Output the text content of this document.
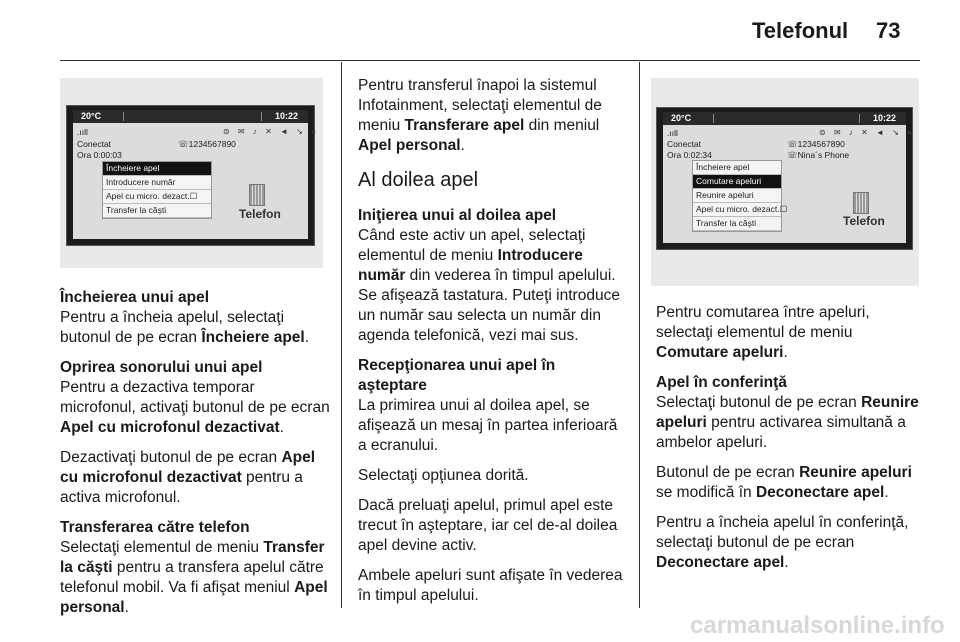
Telefonul 73
20°C	10:22
.ııll	⊜ ✉ ♪ ✕ ◄ ↘ ●
Conectat	☏1234567890
Ora 0:00:03
Încheiere apel
Introducere număr
Apel cu micro. dezact.☐
Transfer la căşti	Telefon
Încheierea unui apel

Pentru a încheia apelul, selectaţi butonul de pe ecran Încheiere apel.

Oprirea sonorului unui apel

Pentru a dezactiva temporar microfonul, activaţi butonul de pe ecran Apel cu microfonul dezactivat.

Dezactivaţi butonul de pe ecran Apel cu microfonul dezactivat pentru a activa microfonul.

Transferarea către telefon

Selectaţi elementul de meniu Transfer la căşti pentru a transfera apelul către telefonul mobil. Va fi afişat meniul Apel personal.

Pentru transferul înapoi la sistemul Infotainment, selectaţi elementul de meniu Transferare apel din meniul Apel personal.

Al doilea apel
Iniţierea unui al doilea apel

Când este activ un apel, selectaţi elementul de meniu Introducere număr din vederea în timpul apelului. Se afişează tastatura. Puteţi introduce un număr sau selecta un număr din agenda telefonică, vezi mai sus.

Recepţionarea unui apel în aşteptare

La primirea unui al doilea apel, se afişează un mesaj în partea inferioară a ecranului.

Selectaţi opţiunea dorită.

Dacă preluaţi apelul, primul apel este trecut în aşteptare, iar cel de-al doilea apel devine activ.

Ambele apeluri sunt afişate în vederea în timpul apelului.

20°C	10:22
.ııll	⊜ ✉ ♪ ✕ ◄ ↘ ●
Conectat	☏1234567890
Ora 0:02:34	☏Nina´s Phone
Încheiere apel
Comutare apeluri
Reunire apeluri
Apel cu micro. dezact.☐
Transfer la căşti	Telefon

Pentru comutarea între apeluri, selectaţi elementul de meniu Comutare apeluri.

Apel în conferinţă

Selectaţi butonul de pe ecran Reunire apeluri pentru activarea simultană a ambelor apeluri.

Butonul de pe ecran Reunire apeluri se modifică în Deconectare apel.

Pentru a încheia apelul în conferinţă, selectaţi butonul de pe ecran Deconectare apel.

carmanualsonline.info
